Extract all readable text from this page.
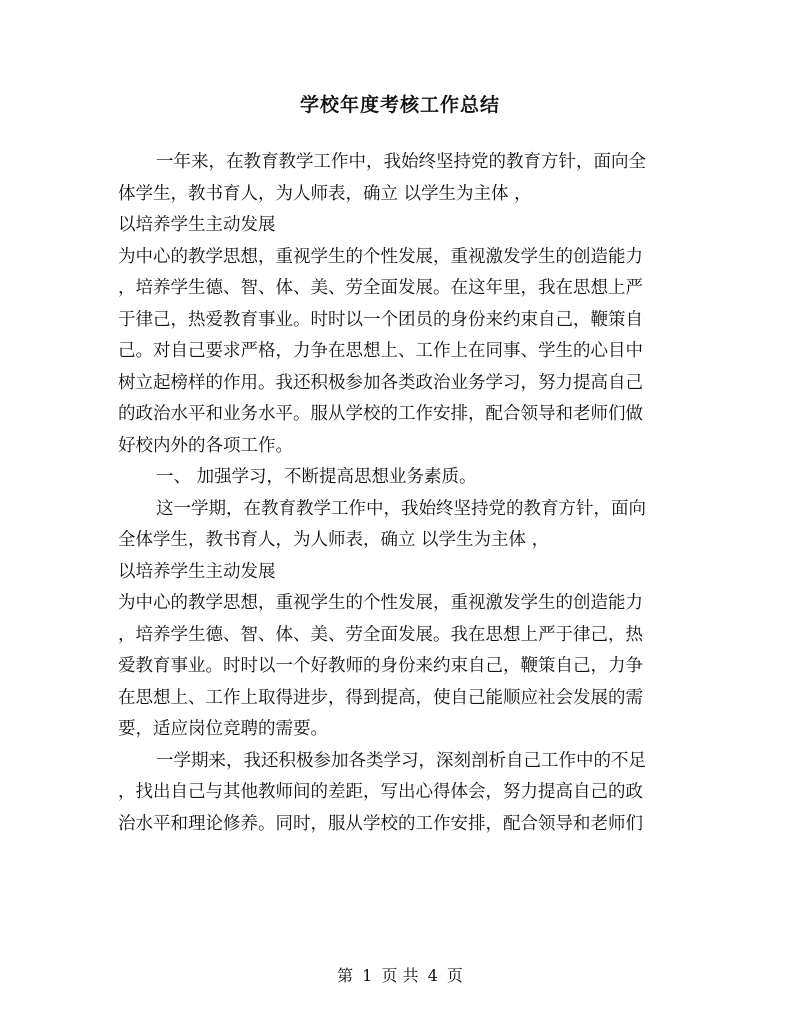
学校年度考核工作总结
一年来，在教育教学工作中，我始终坚持党的教育方针，面向全
体学生，教书育人，为人师表，确立 以学生为主体 ，
以培养学生主动发展
为中心的教学思想，重视学生的个性发展，重视激发学生的创造能力
，培养学生德、智、体、美、劳全面发展。在这年里，我在思想上严
于律己，热爱教育事业。时时以一个团员的身份来约束自己，鞭策自
己。对自己要求严格，力争在思想上、工作上在同事、学生的心目中
树立起榜样的作用。我还积极参加各类政治业务学习，努力提高自己
的政治水平和业务水平。服从学校的工作安排，配合领导和老师们做
好校内外的各项工作。
一、 加强学习，不断提高思想业务素质。
这一学期，在教育教学工作中，我始终坚持党的教育方针，面向
全体学生，教书育人，为人师表，确立 以学生为主体 ，
以培养学生主动发展
为中心的教学思想，重视学生的个性发展，重视激发学生的创造能力
，培养学生德、智、体、美、劳全面发展。我在思想上严于律己，热
爱教育事业。时时以一个好教师的身份来约束自己，鞭策自己，力争
在思想上、工作上取得进步，得到提高，使自己能顺应社会发展的需
要，适应岗位竞聘的需要。
一学期来，我还积极参加各类学习，深刻剖析自己工作中的不足
，找出自己与其他教师间的差距，写出心得体会，努力提高自己的政
治水平和理论修养。同时，服从学校的工作安排，配合领导和老师们
第 1 页 共 4 页
